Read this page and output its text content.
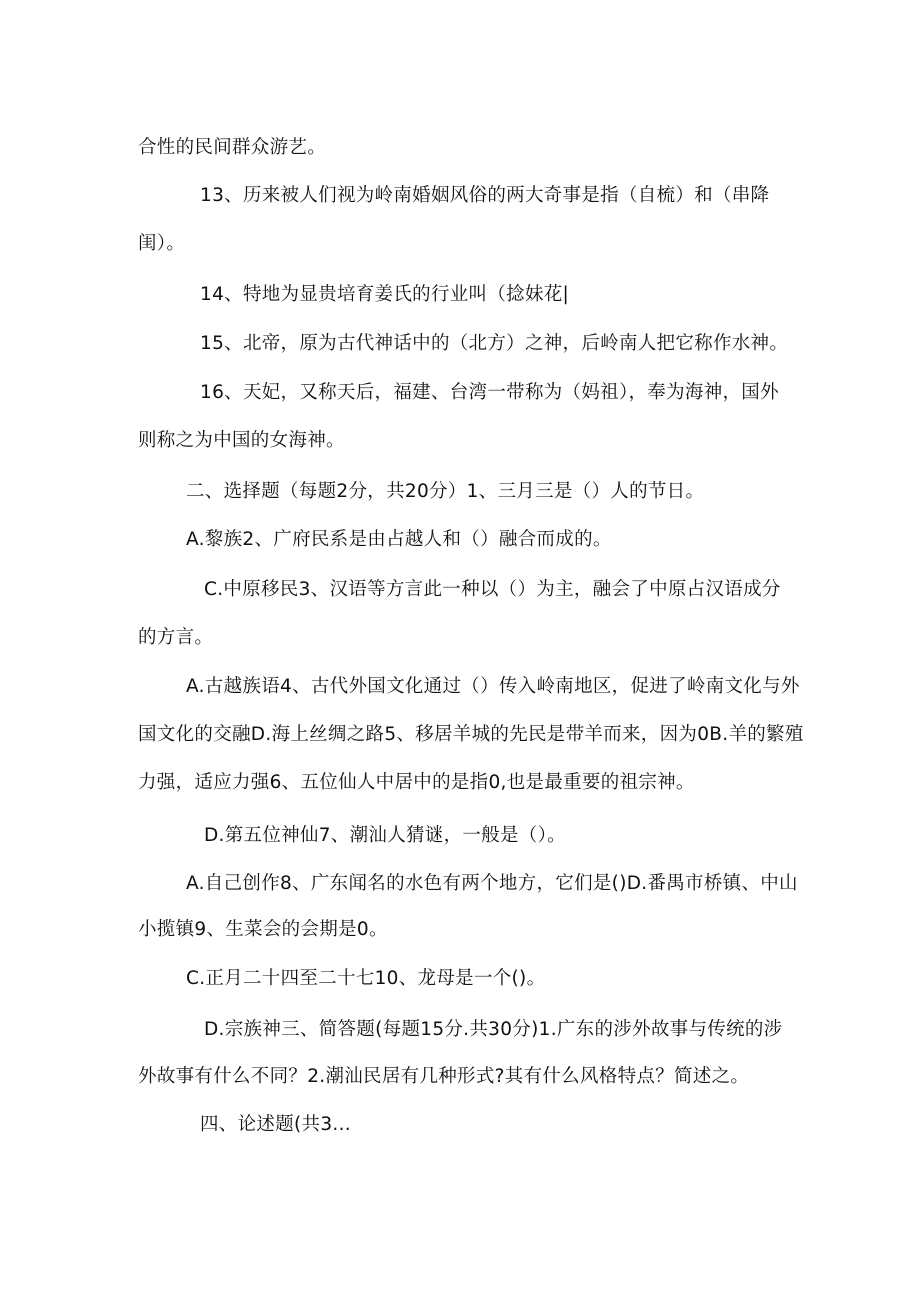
合性的民间群众游艺。
13、历来被人们视为岭南婚姻风俗的两大奇事是指（自梳）和（串降
闺）。
14、特地为显贵培育姜氏的行业叫（捻妹花|
15、北帝，原为古代神话中的（北方）之神，后岭南人把它称作水神。
16、天妃，又称天后，福建、台湾一带称为（妈祖），奉为海神，国外
则称之为中国的女海神。
二、选择题（每题2分，共20分）1、三月三是（）人的节日。
A.黎族2、广府民系是由占越人和（）融合而成的。
C.中原移民3、汉语等方言此一种以（）为主，融会了中原占汉语成分
的方言。
A.古越族语4、古代外国文化通过（）传入岭南地区，促进了岭南文化与外
国文化的交融D.海上丝绸之路5、移居羊城的先民是带羊而来，因为0B.羊的繁殖
力强，适应力强6、五位仙人中居中的是指0,也是最重要的祖宗神。
D.第五位神仙7、潮汕人猜谜，一般是（）。
A.自己创作8、广东闻名的水色有两个地方，它们是()D.番禺市桥镇、中山
小揽镇9、生菜会的会期是0。
C.正月二十四至二十七10、龙母是一个()。
D.宗族神三、简答题(每题15分.共30分)1.广东的涉外故事与传统的涉
外故事有什么不同？2.潮汕民居有几种形式?其有什么风格特点？简述之。
四、论述题(共3...
